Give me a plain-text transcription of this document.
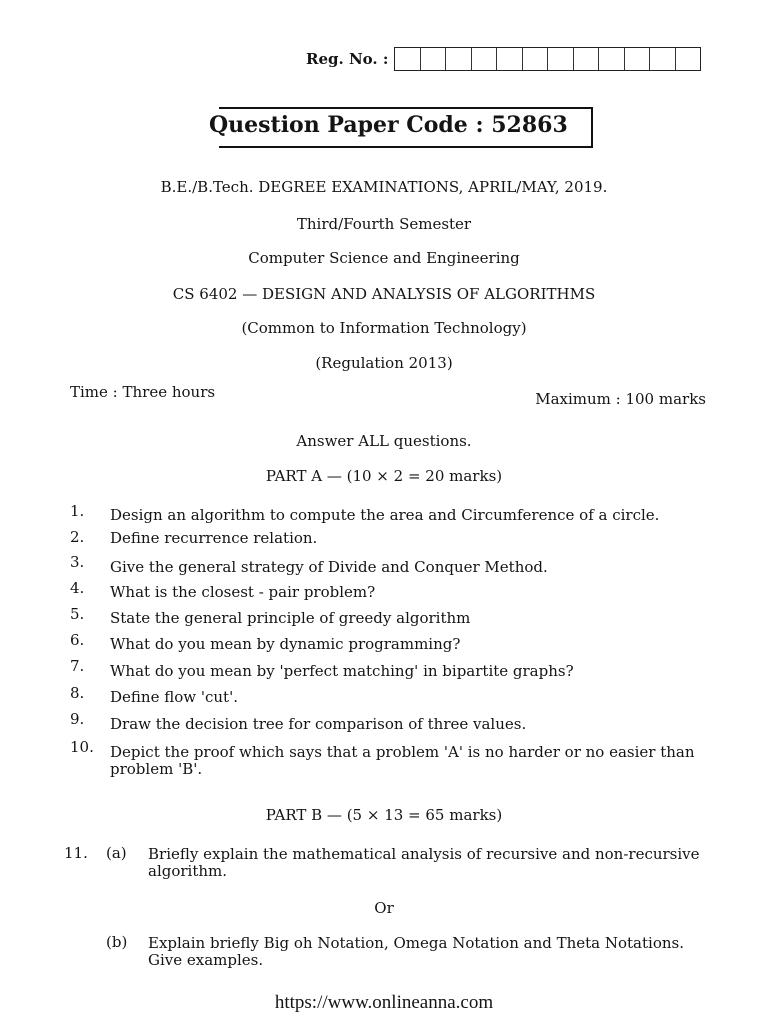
Reg. No. :
Question Paper Code : 52863
B.E./B.Tech. DEGREE EXAMINATIONS, APRIL/MAY, 2019.
Third/Fourth Semester
Computer Science and Engineering
CS 6402 — DESIGN AND ANALYSIS OF ALGORITHMS
(Common to Information Technology)
(Regulation 2013)
Time : Three hours	Maximum : 100 marks
Answer ALL questions.
PART A — (10 × 2 = 20 marks)
1. Design an algorithm to compute the area and Circumference of a circle.
2. Define recurrence relation.
3. Give the general strategy of Divide and Conquer Method.
4. What is the closest - pair problem?
5. State the general principle of greedy algorithm
6. What do you mean by dynamic programming?
7. What do you mean by 'perfect matching' in bipartite graphs?
8. Define flow 'cut'.
9. Draw the decision tree for comparison of three values.
10. Depict the proof which says that a problem 'A' is no harder or no easier than problem 'B'.
PART B — (5 × 13 = 65 marks)
11. (a) Briefly explain the mathematical analysis of recursive and non-recursive algorithm.
Or
(b) Explain briefly Big oh Notation, Omega Notation and Theta Notations. Give examples.
https://www.onlineanna.com
